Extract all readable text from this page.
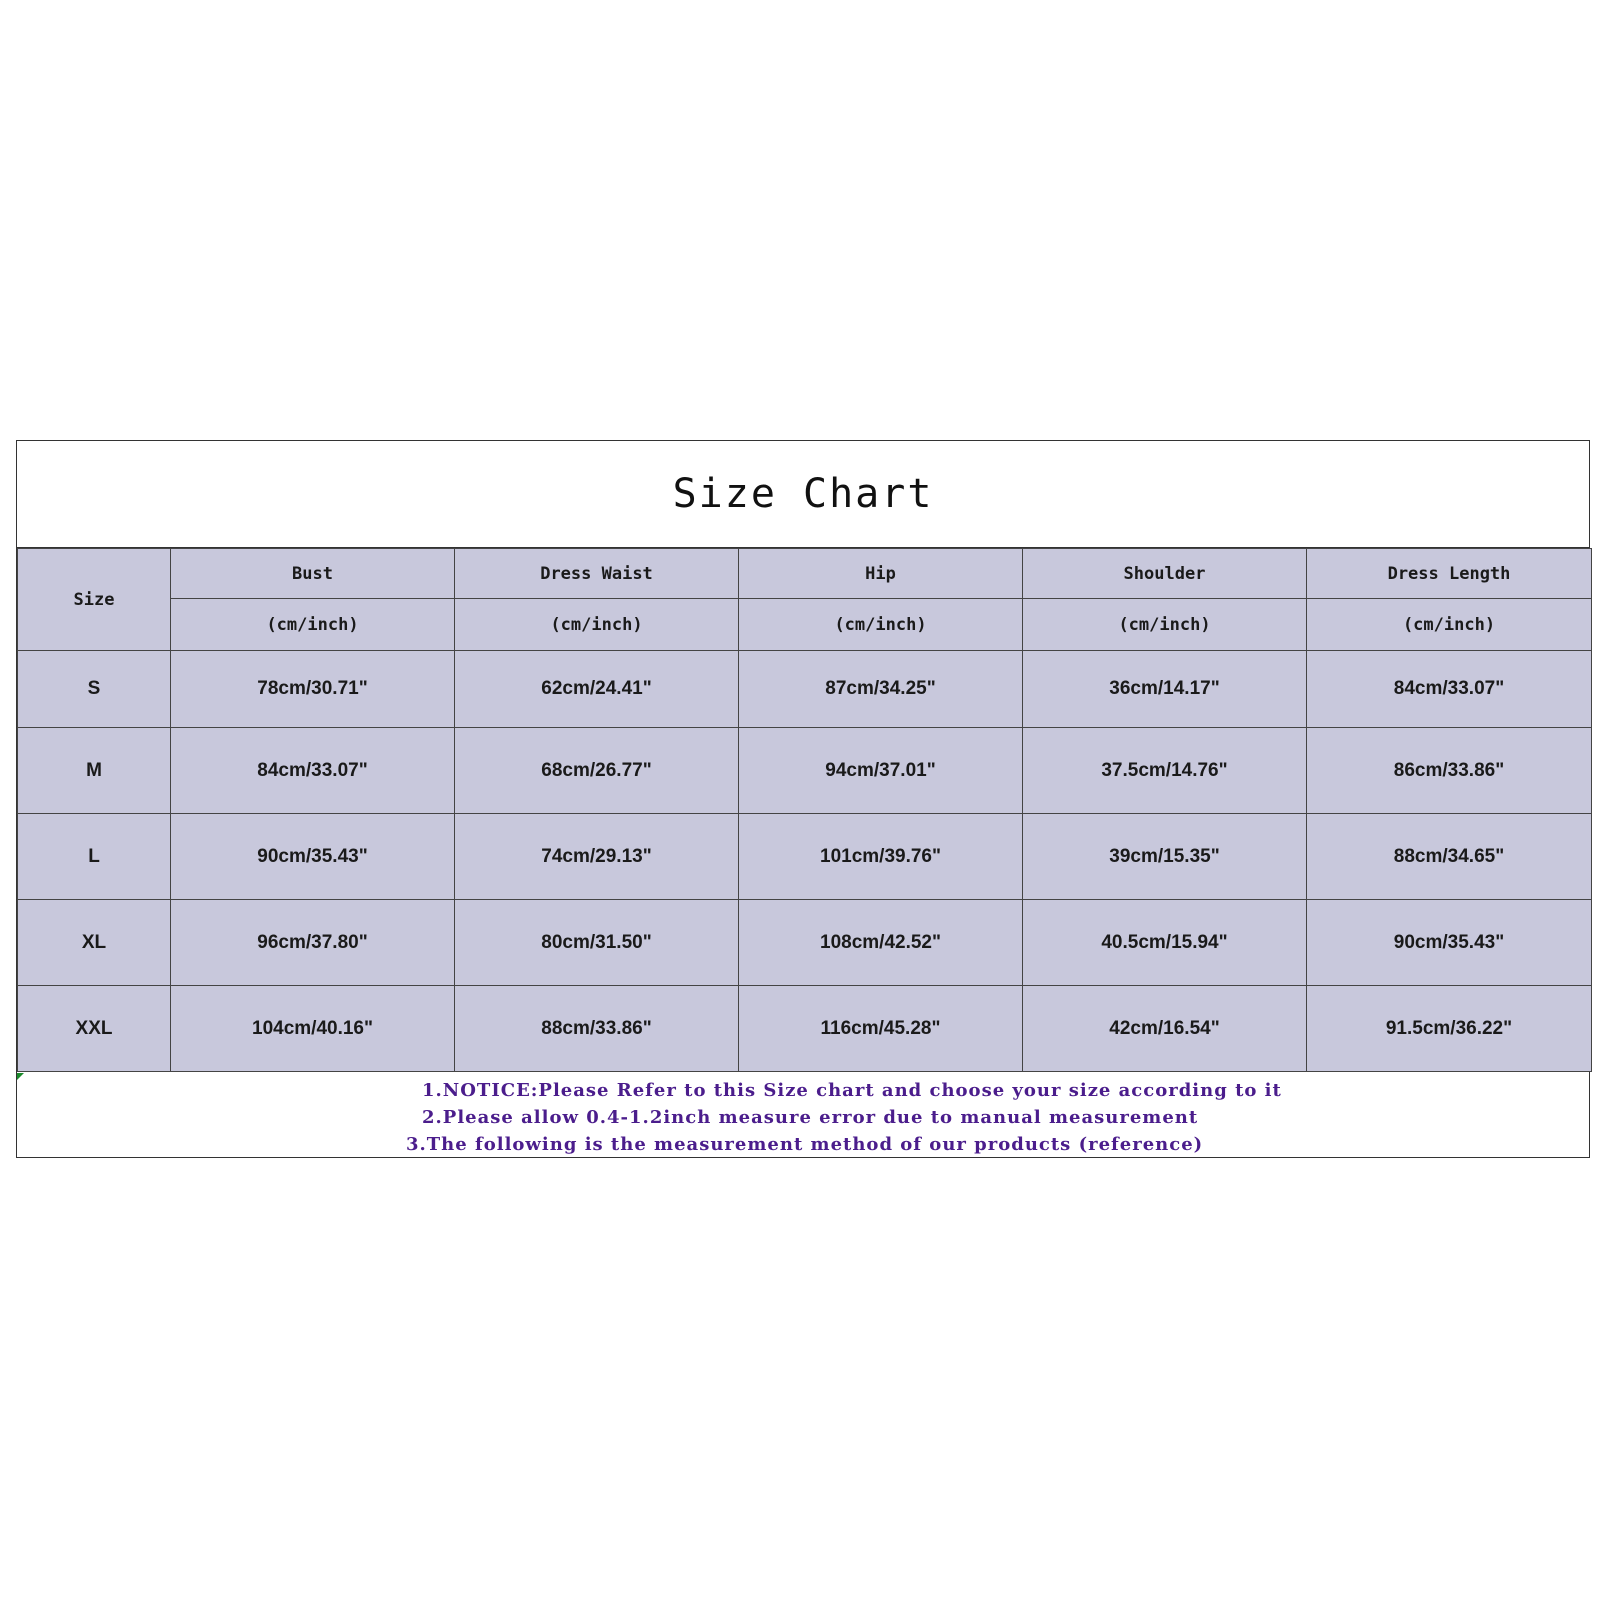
Size Chart
Size	Bust	Dress Waist	Hip	Shoulder	Dress Length
	(cm/inch)	(cm/inch)	(cm/inch)	(cm/inch)	(cm/inch)
S	78cm/30.71"	62cm/24.41"	87cm/34.25"	36cm/14.17"	84cm/33.07"
M	84cm/33.07"	68cm/26.77"	94cm/37.01"	37.5cm/14.76"	86cm/33.86"
L	90cm/35.43"	74cm/29.13"	101cm/39.76"	39cm/15.35"	88cm/34.65"
XL	96cm/37.80"	80cm/31.50"	108cm/42.52"	40.5cm/15.94"	90cm/35.43"
XXL	104cm/40.16"	88cm/33.86"	116cm/45.28"	42cm/16.54"	91.5cm/36.22"
1.NOTICE:Please Refer to this Size chart and choose your size according to it
2.Please allow 0.4-1.2inch measure error due to manual measurement
3.The following is the measurement method of our products (reference)
